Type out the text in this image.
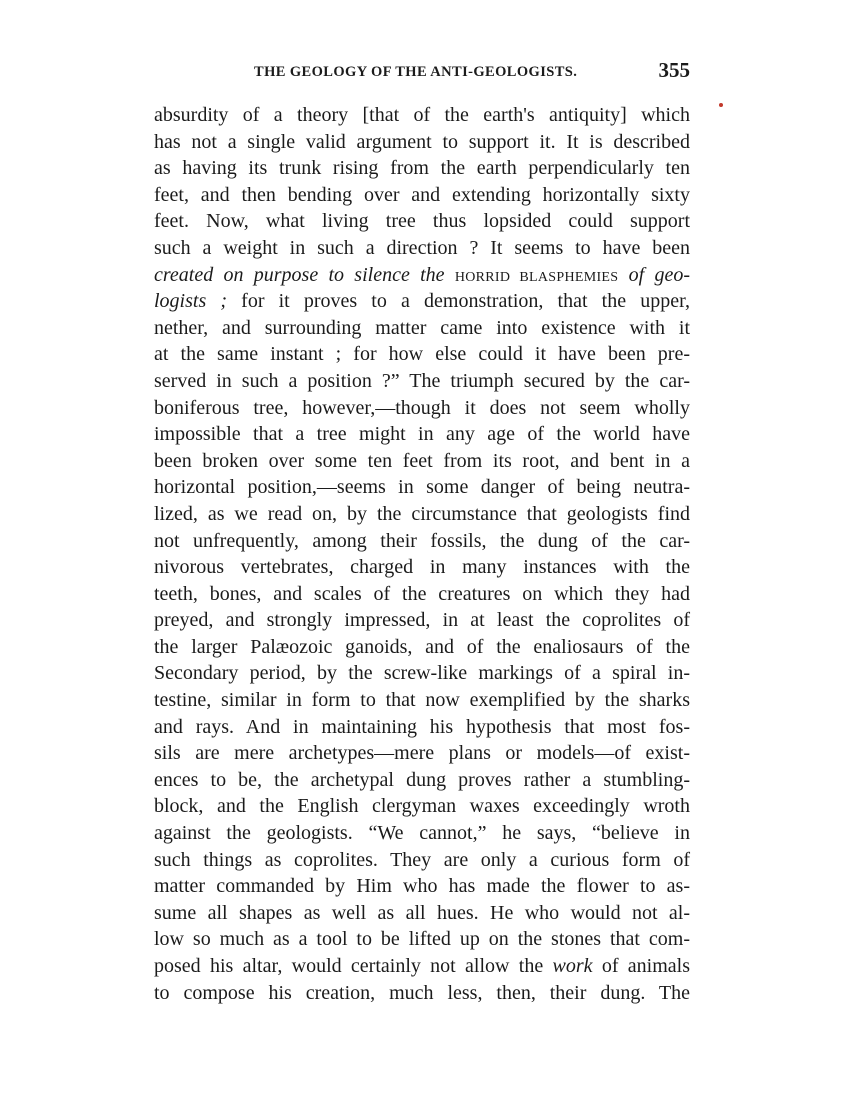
THE GEOLOGY OF THE ANTI-GEOLOGISTS.	355
absurdity of a theory [that of the earth's antiquity] which
has not a single valid argument to support it. It is described
as having its trunk rising from the earth perpendicularly ten
feet, and then bending over and extending horizontally sixty
feet. Now, what living tree thus lopsided could support
such a weight in such a direction ? It seems to have been
created on purpose to silence the HORRID BLASPHEMIES of geo-
logists ; for it proves to a demonstration, that the upper,
nether, and surrounding matter came into existence with it
at the same instant ; for how else could it have been pre-
served in such a position ?” The triumph secured by the car-
boniferous tree, however,—though it does not seem wholly
impossible that a tree might in any age of the world have
been broken over some ten feet from its root, and bent in a
horizontal position,—seems in some danger of being neutra-
lized, as we read on, by the circumstance that geologists find
not unfrequently, among their fossils, the dung of the car-
nivorous vertebrates, charged in many instances with the
teeth, bones, and scales of the creatures on which they had
preyed, and strongly impressed, in at least the coprolites of
the larger Palæozoic ganoids, and of the enaliosaurs of the
Secondary period, by the screw-like markings of a spiral in-
testine, similar in form to that now exemplified by the sharks
and rays. And in maintaining his hypothesis that most fos-
sils are mere archetypes—mere plans or models—of exist-
ences to be, the archetypal dung proves rather a stumbling-
block, and the English clergyman waxes exceedingly wroth
against the geologists. “We cannot,” he says, “believe in
such things as coprolites. They are only a curious form of
matter commanded by Him who has made the flower to as-
sume all shapes as well as all hues. He who would not al-
low so much as a tool to be lifted up on the stones that com-
posed his altar, would certainly not allow the work of animals
to compose his creation, much less, then, their dung. The
